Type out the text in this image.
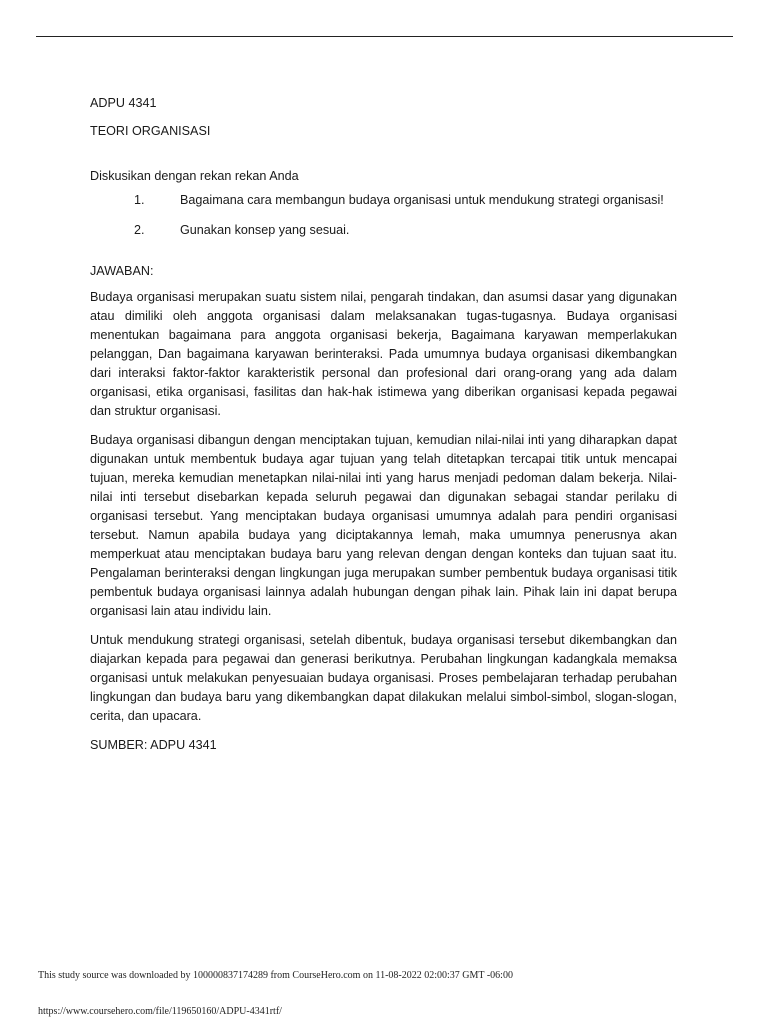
ADPU 4341

TEORI ORGANISASI

Diskusikan dengan rekan rekan Anda

1.	Bagaimana cara membangun budaya organisasi untuk mendukung strategi organisasi!
2.	Gunakan konsep yang sesuai.

JAWABAN:

Budaya organisasi merupakan suatu sistem nilai, pengarah tindakan, dan asumsi dasar yang digunakan atau dimiliki oleh anggota organisasi dalam melaksanakan tugas-tugasnya. Budaya organisasi menentukan bagaimana para anggota organisasi bekerja, Bagaimana karyawan memperlakukan pelanggan, Dan bagaimana karyawan berinteraksi. Pada umumnya budaya organisasi dikembangkan dari interaksi faktor-faktor karakteristik personal dan profesional dari orang-orang yang ada dalam organisasi, etika organisasi, fasilitas dan hak-hak istimewa yang diberikan organisasi kepada pegawai dan struktur organisasi.

Budaya organisasi dibangun dengan menciptakan tujuan, kemudian nilai-nilai inti yang diharapkan dapat digunakan untuk membentuk budaya agar tujuan yang telah ditetapkan tercapai titik untuk mencapai tujuan, mereka kemudian menetapkan nilai-nilai inti yang harus menjadi pedoman dalam bekerja. Nilai-nilai inti tersebut disebarkan kepada seluruh pegawai dan digunakan sebagai standar perilaku di organisasi tersebut. Yang menciptakan budaya organisasi umumnya adalah para pendiri organisasi tersebut. Namun apabila budaya yang diciptakannya lemah, maka umumnya penerusnya akan memperkuat atau menciptakan budaya baru yang relevan dengan dengan konteks dan tujuan saat itu. Pengalaman berinteraksi dengan lingkungan juga merupakan sumber pembentuk budaya organisasi titik pembentuk budaya organisasi lainnya adalah hubungan dengan pihak lain. Pihak lain ini dapat berupa organisasi lain atau individu lain.

Untuk mendukung strategi organisasi, setelah dibentuk, budaya organisasi tersebut dikembangkan dan diajarkan kepada para pegawai dan generasi berikutnya. Perubahan lingkungan kadangkala memaksa organisasi untuk melakukan penyesuaian budaya organisasi. Proses pembelajaran terhadap perubahan lingkungan dan budaya baru yang dikembangkan dapat dilakukan melalui simbol-simbol, slogan-slogan, cerita, dan upacara.

SUMBER: ADPU 4341

This study source was downloaded by 100000837174289 from CourseHero.com on 11-08-2022 02:00:37 GMT -06:00
https://www.coursehero.com/file/119650160/ADPU-4341rtf/
